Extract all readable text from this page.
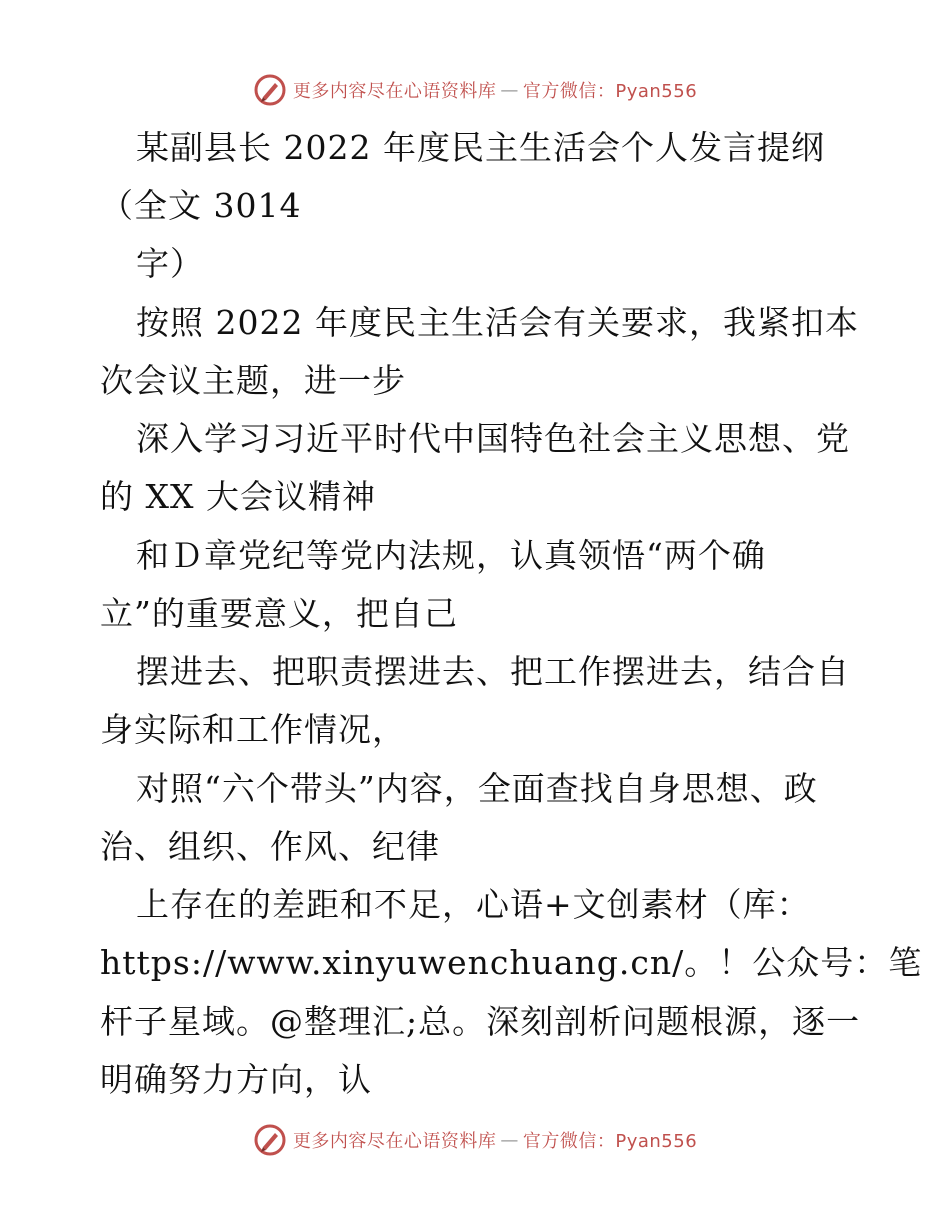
更多内容尽在心语资料库 — 官方微信：Pyan556
某副县长 2022 年度民主生活会个人发言提纲
（全文 3014
字）
按照 2022 年度民主生活会有关要求，我紧扣本
次会议主题，进一步
深入学习习近平时代中国特色社会主义思想、党
的 XX 大会议精神
和Ｄ章党纪等党内法规，认真领悟“两个确
立”的重要意义，把自己
摆进去、把职责摆进去、把工作摆进去，结合自
身实际和工作情况，
对照“六个带头”内容，全面查找自身思想、政
治、组织、作风、纪律
上存在的差距和不足，心语+文创素材（库：
https://www.xinyuwenchuang.cn/。！公众号：笔
杆子星域。@整理汇;总。深刻剖析问题根源，逐一
明确努力方向，认
更多内容尽在心语资料库 — 官方微信：Pyan556
